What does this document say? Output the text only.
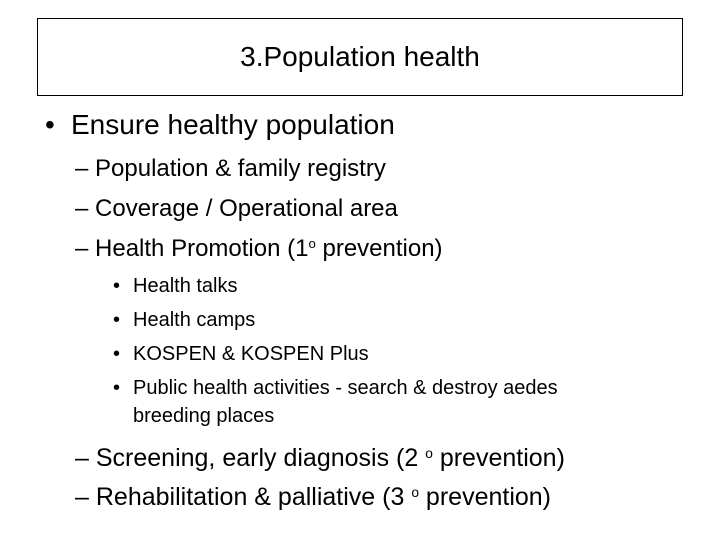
3.Population health
• Ensure healthy population
– Population & family registry
– Coverage / Operational area
– Health Promotion (1$^o$ prevention)
• Health talks
• Health camps
• KOSPEN & KOSPEN Plus
• Public health activities - search & destroy aedes
breeding places
– Screening, early diagnosis (2 $^o$ prevention)
– Rehabilitation & palliative (3 $^o$ prevention)
